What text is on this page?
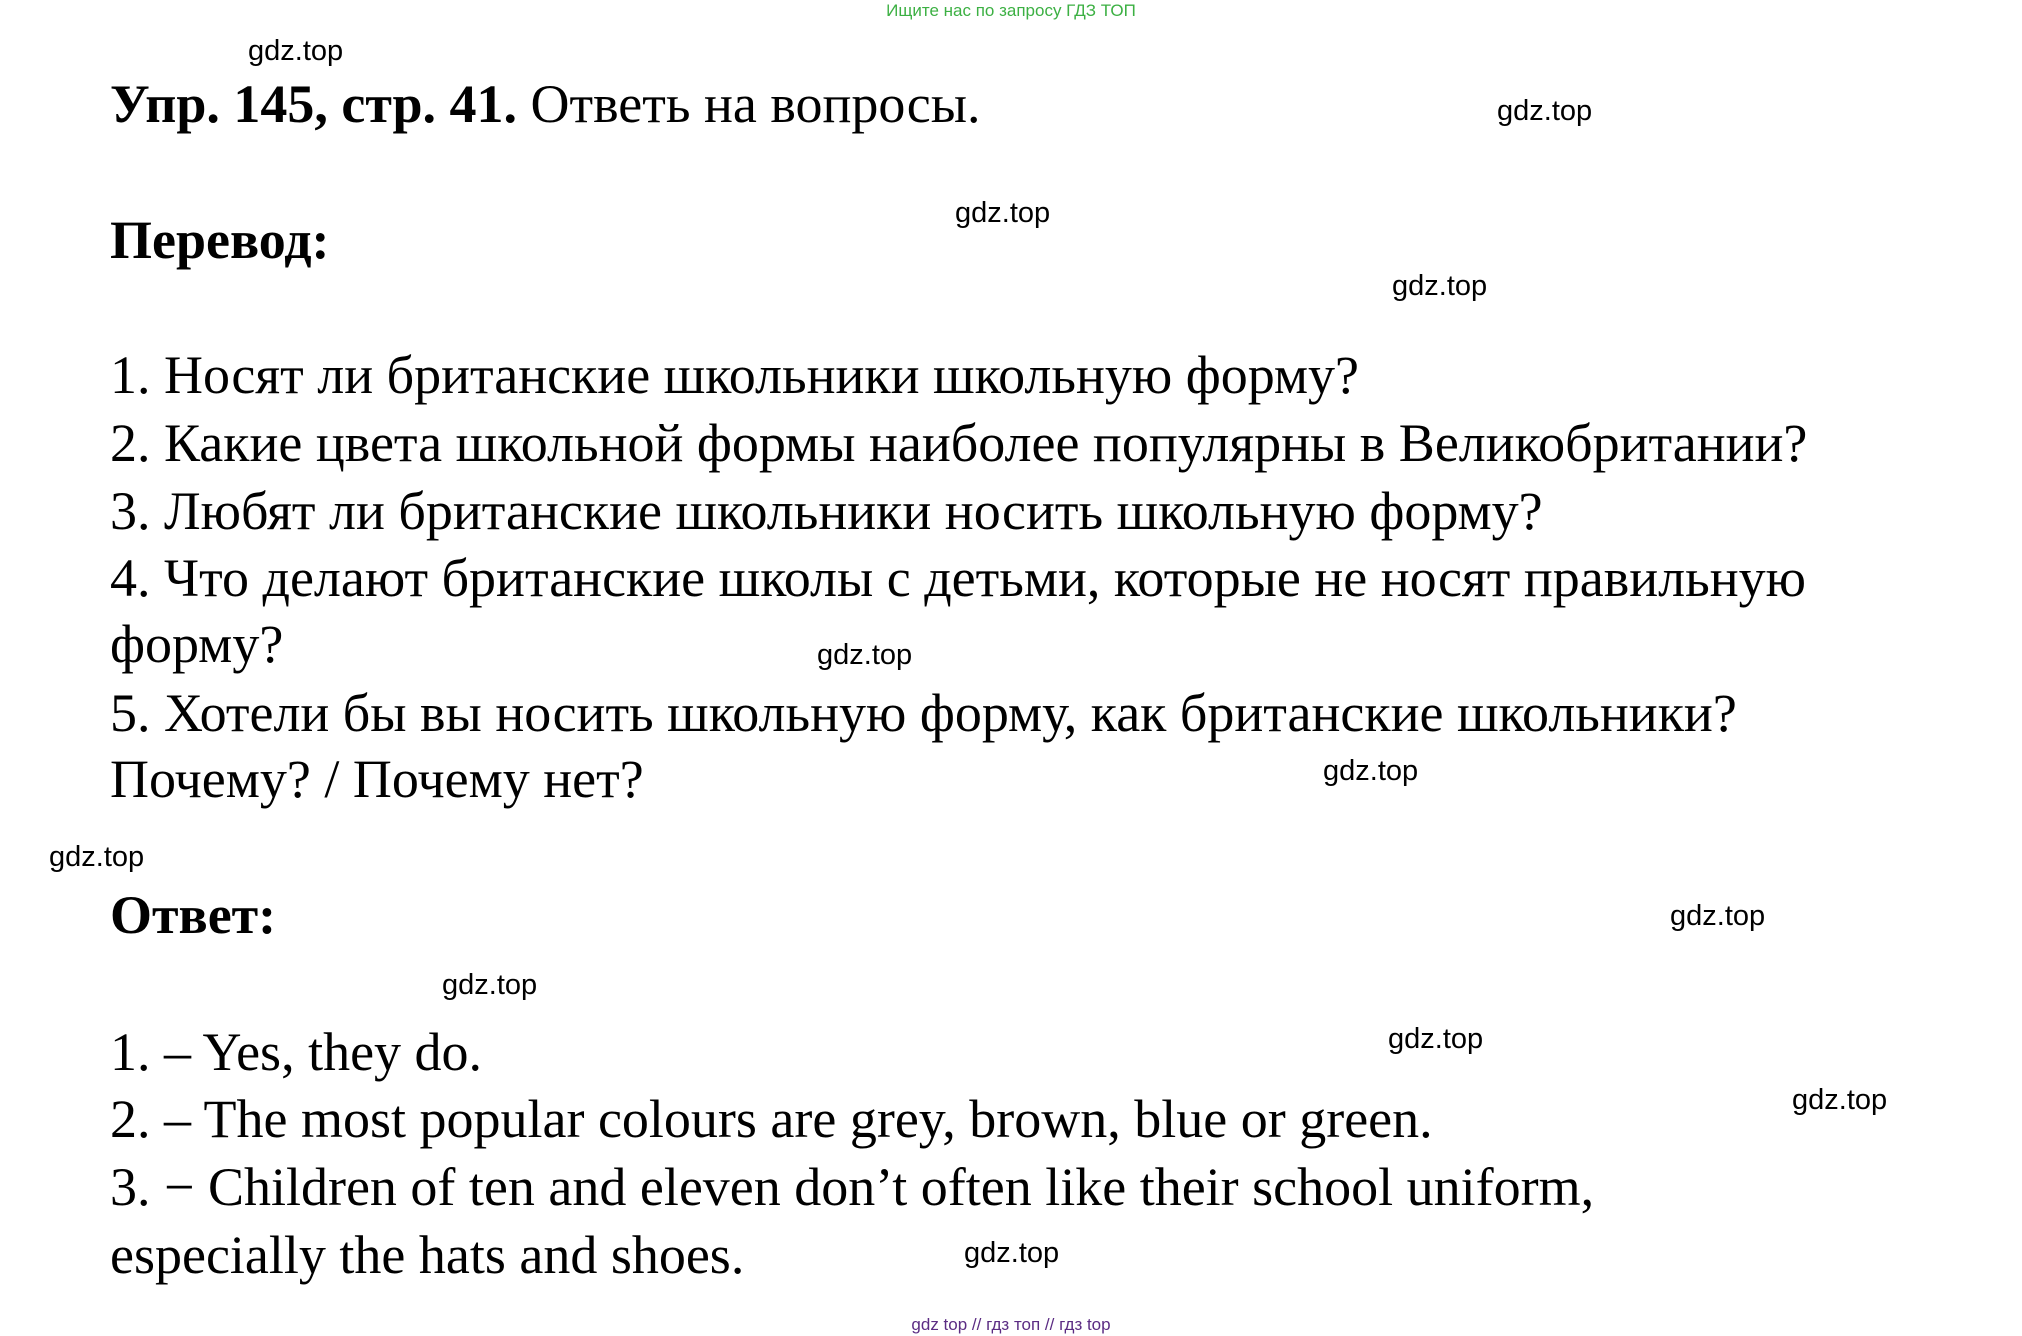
Ищите нас по запросу ГДЗ ТОП
gdz.top
gdz.top
gdz.top
gdz.top
gdz.top
gdz.top
gdz.top
gdz.top
gdz.top
gdz.top
gdz.top
gdz.top
Упр. 145, стр. 41. Ответь на вопросы.
Перевод:
1. Носят ли британские школьники школьную форму?
2. Какие цвета школьной формы наиболее популярны в Великобритании?
3. Любят ли британские школьники носить школьную форму?
4. Что делают британские школы с детьми, которые не носят правильную
форму?
5. Хотели бы вы носить школьную форму, как британские школьники?
Почему? / Почему нет?
Ответ:
1. – Yes, they do.
2. – The most popular colours are grey, brown, blue or green.
3. − Children of ten and eleven don’t often like their school uniform,
especially the hats and shoes.
gdz top // гдз топ // гдз top
